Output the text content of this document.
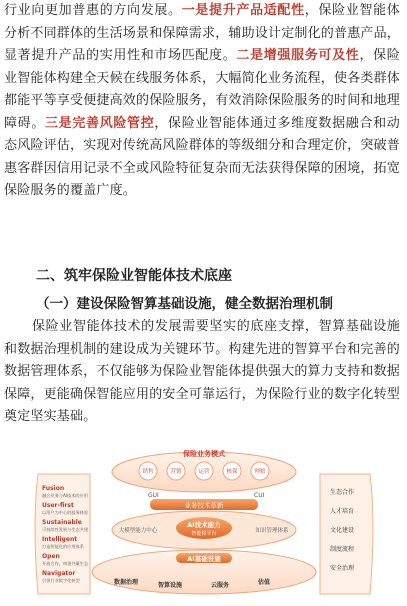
行业向更加普惠的方向发展。一是提升产品适配性，保险业智能体分析不同群体的生活场景和保障需求，辅助设计定制化的普惠产品，显著提升产品的实用性和市场匹配度。二是增强服务可及性，保险业智能体构建全天候在线服务体系，大幅简化业务流程，使各类群体都能平等享受便捷高效的保险服务，有效消除保险服务的时间和地理障碍。三是完善风险管控，保险业智能体通过多维度数据融合和动态风险评估，实现对传统高风险群体的等级细分和合理定价，突破普惠客群因信用记录不全或风险特征复杂而无法获得保障的困境，拓宽保险服务的覆盖广度。
二、筑牢保险业智能体技术底座
（一）建设保险智算基础设施，健全数据治理机制
保险业智能体技术的发展需要坚实的底座支撑，智算基础设施和数据治理机制的建设成为关键环节。构建先进的智算平台和完善的数据管理体系，不仅能够为保险业智能体提供强大的算力支持和数据保障，更能确保智能应用的安全可靠运行，为保险行业的数字化转型奠定坚实基础。
保险业务模式
销售	营销	运营	核保	理赔
GUI	CUI
业务技术革新
大模型能力中心
AI技术能力
智能体平台	知识管理体系
AI基础设施
数据治理	智算设施	云服务	估值
Fusion
融合业务与AI技术的应用
User-first
以用户为中心的服务体验
Sustainable
可持续性发展与生态共建
Intelligent
打造智能化的应用体系
Open
开放合作，构建共赢生态
Navigator
引领行业数字化转型
生态合作
人才培育
文化建设
制度流程
安全治理
